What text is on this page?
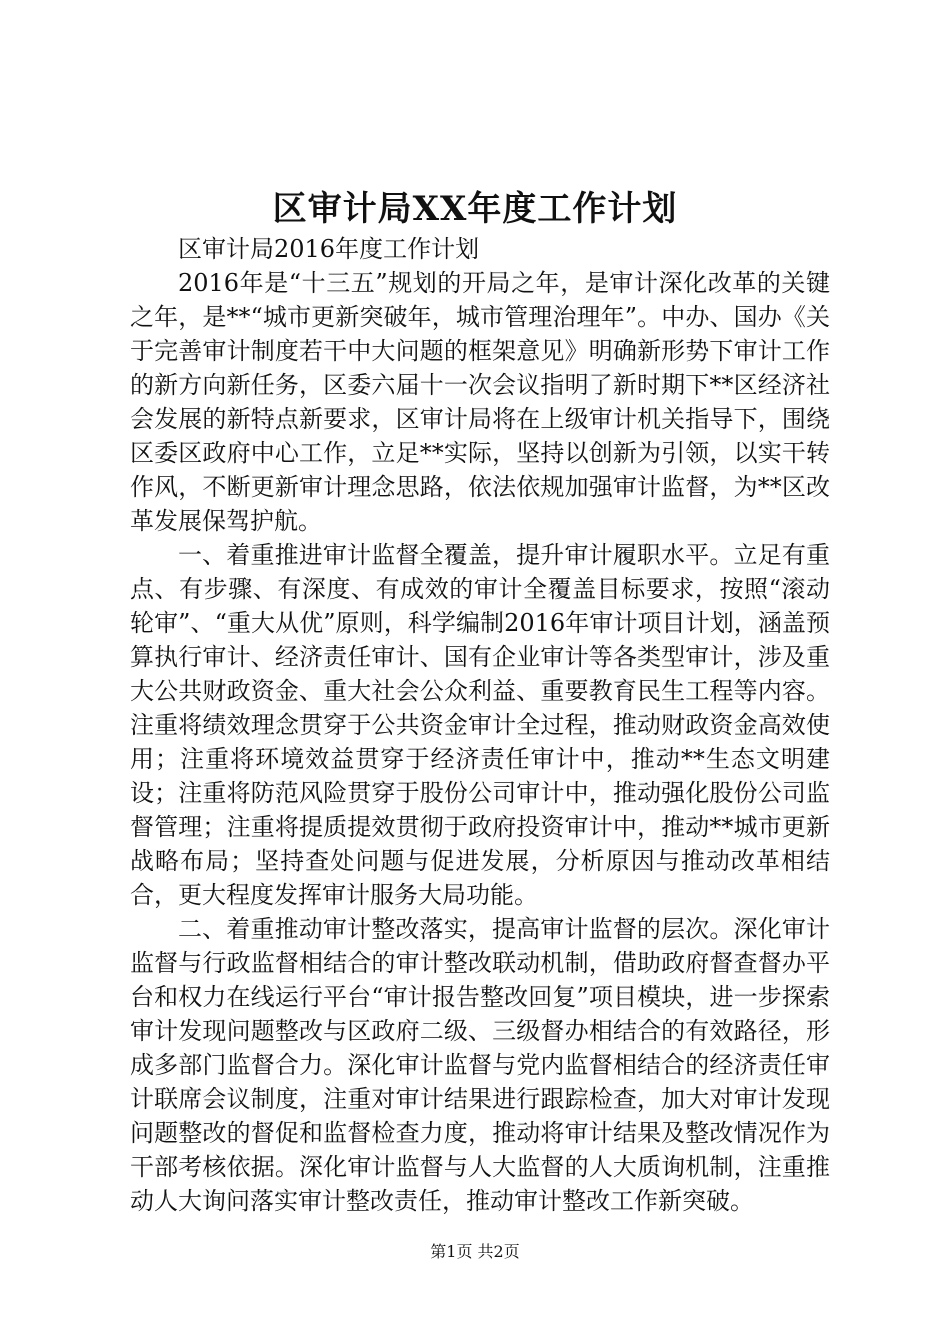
区审计局XX年度工作计划

区审计局2016年度工作计划

2016年是“十三五”规划的开局之年，是审计深化改革的关键之年，是**“城市更新突破年，城市管理治理年”。中办、国办《关于完善审计制度若干中大问题的框架意见》明确新形势下审计工作的新方向新任务，区委六届十一次会议指明了新时期下**区经济社会发展的新特点新要求，区审计局将在上级审计机关指导下，围绕区委区政府中心工作，立足**实际，坚持以创新为引领，以实干转作风，不断更新审计理念思路，依法依规加强审计监督，为**区改革发展保驾护航。

一、着重推进审计监督全覆盖，提升审计履职水平。立足有重点、有步骤、有深度、有成效的审计全覆盖目标要求，按照“滚动轮审”、“重大从优”原则，科学编制2016年审计项目计划，涵盖预算执行审计、经济责任审计、国有企业审计等各类型审计，涉及重大公共财政资金、重大社会公众利益、重要教育民生工程等内容。注重将绩效理念贯穿于公共资金审计全过程，推动财政资金高效使用；注重将环境效益贯穿于经济责任审计中，推动**生态文明建设；注重将防范风险贯穿于股份公司审计中，推动强化股份公司监督管理；注重将提质提效贯彻于政府投资审计中，推动**城市更新战略布局；坚持查处问题与促进发展，分析原因与推动改革相结合，更大程度发挥审计服务大局功能。

二、着重推动审计整改落实，提高审计监督的层次。深化审计监督与行政监督相结合的审计整改联动机制，借助政府督查督办平台和权力在线运行平台“审计报告整改回复”项目模块，进一步探索审计发现问题整改与区政府二级、三级督办相结合的有效路径，形成多部门监督合力。深化审计监督与党内监督相结合的经济责任审计联席会议制度，注重对审计结果进行跟踪检查，加大对审计发现问题整改的督促和监督检查力度，推动将审计结果及整改情况作为干部考核依据。深化审计监督与人大监督的人大质询机制，注重推动人大询问落实审计整改责任，推动审计整改工作新突破。

第1页 共2页
